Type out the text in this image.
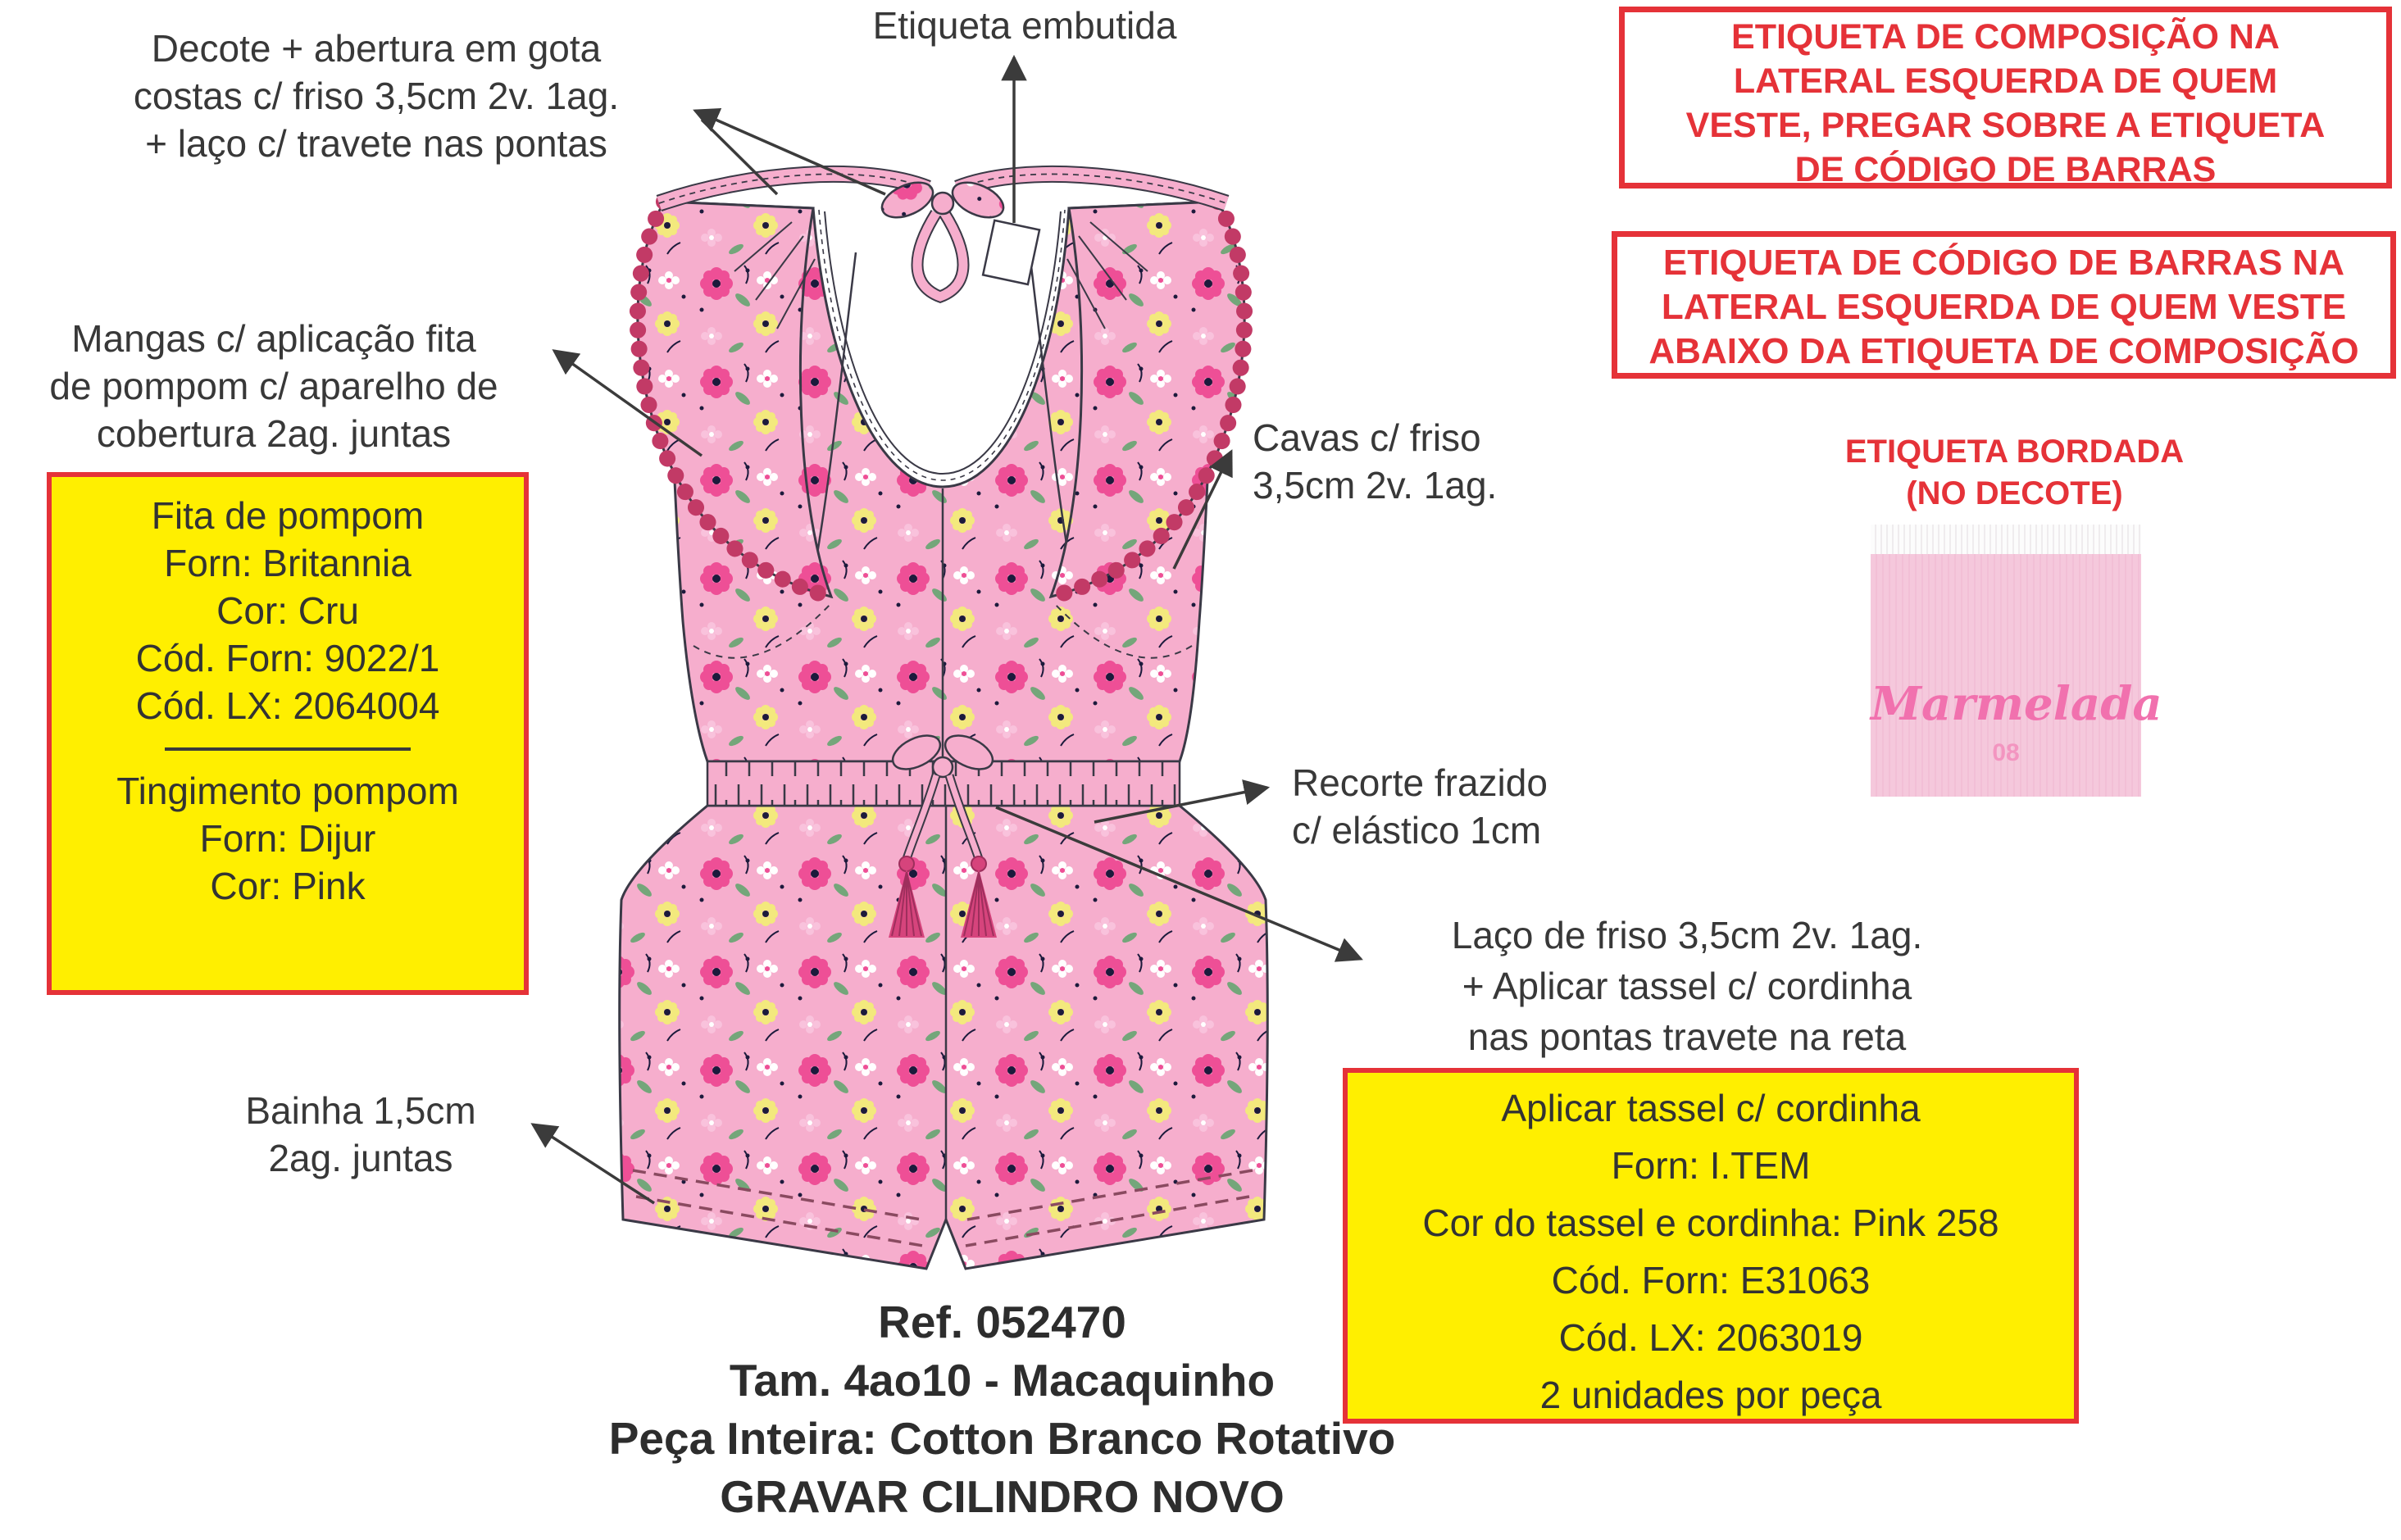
Decote + abertura em gota
costas c/ friso 3,5cm 2v. 1ag.
+ laço c/ travete nas pontas
Etiqueta embutida
Mangas c/ aplicação fita
de pompom c/ aparelho de
cobertura 2ag. juntas	Cavas c/ friso
3,5cm 2v. 1ag.
Recorte frazido
c/ elástico 1cm
Laço de friso 3,5cm 2v. 1ag.
+ Aplicar tassel c/ cordinha
nas pontas travete na reta
Bainha 1,5cm
2ag. juntas
ETIQUETA DE COMPOSIÇÃO NA
LATERAL ESQUERDA DE QUEM
VESTE, PREGAR SOBRE A ETIQUETA
DE CÓDIGO DE BARRAS
ETIQUETA DE CÓDIGO DE BARRAS NA
LATERAL ESQUERDA DE QUEM VESTE
ABAIXO DA ETIQUETA DE COMPOSIÇÃO
Fita de pompom
Forn: Britannia
Cor: Cru
Cód. Forn: 9022/1
Cód. LX: 2064004
Tingimento pompom
Forn: Dijur
Cor: Pink
Aplicar tassel c/ cordinha
Forn: I.TEM
Cor do tassel e cordinha: Pink 258
Cód. Forn: E31063
Cód. LX: 2063019
2 unidades por peça
ETIQUETA BORDADA
(NO DECOTE)
Marmelada
08
Ref. 052470
Tam. 4ao10 - Macaquinho
Peça Inteira: Cotton Branco Rotativo
GRAVAR CILINDRO NOVO
